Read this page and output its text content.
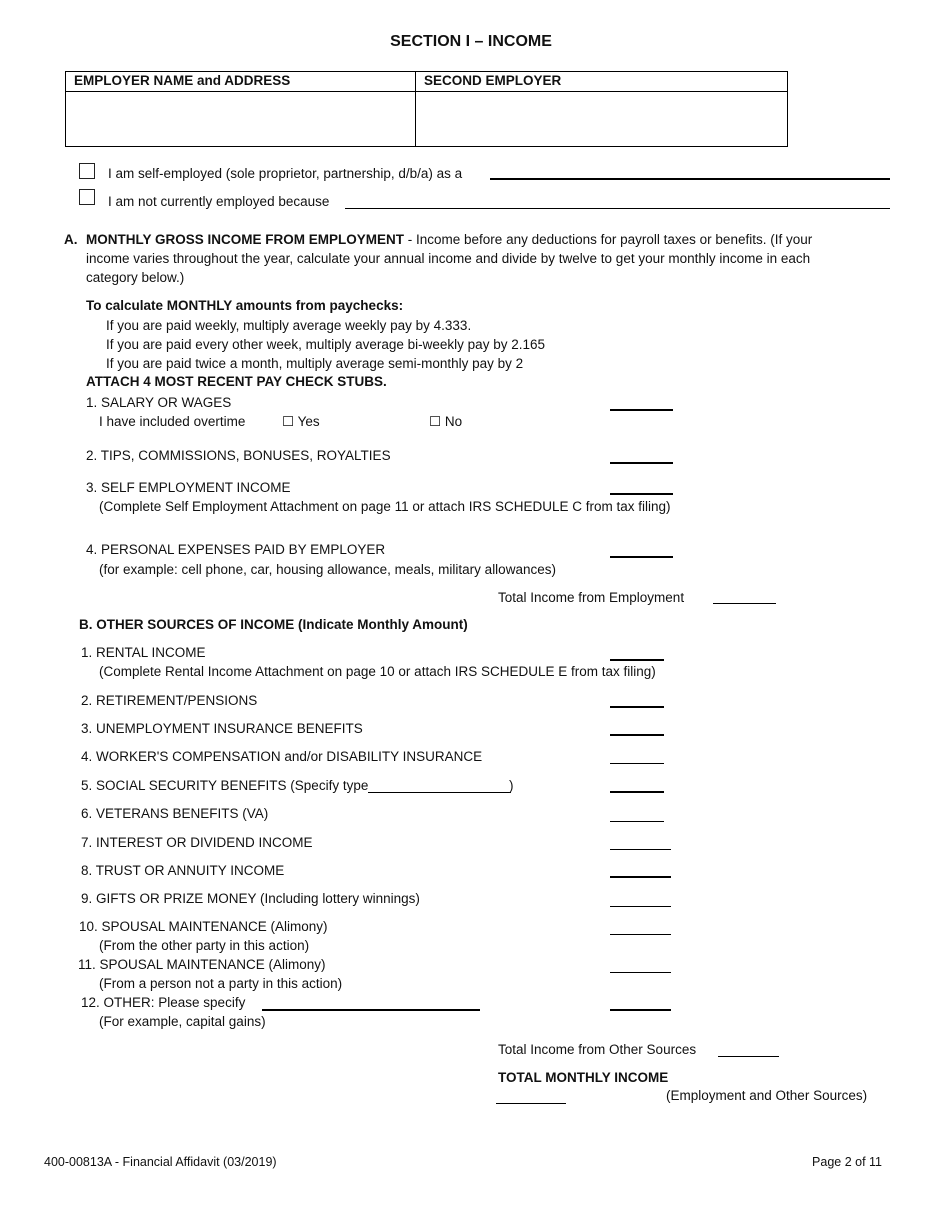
SECTION I – INCOME
EMPLOYER NAME and ADDRESS	SECOND EMPLOYER

I am self-employed (sole proprietor, partnership, d/b/a) as a
I am not currently employed because
A. MONTHLY GROSS INCOME FROM EMPLOYMENT - Income before any deductions for payroll taxes or benefits. (If your
income varies throughout the year, calculate your annual income and divide by twelve to get your monthly income in each
category below.)
To calculate MONTHLY amounts from paychecks:
If you are paid weekly, multiply average weekly pay by 4.333.
If you are paid every other week, multiply average bi-weekly pay by 2.165
If you are paid twice a month, multiply average semi-monthly pay by 2
ATTACH 4 MOST RECENT PAY CHECK STUBS.
1. SALARY OR WAGES
I have included overtime	☐ Yes	☐ No
2. TIPS, COMMISSIONS, BONUSES, ROYALTIES
3. SELF EMPLOYMENT INCOME
(Complete Self Employment Attachment on page 11 or attach IRS SCHEDULE C from tax filing)
4. PERSONAL EXPENSES PAID BY EMPLOYER
(for example: cell phone, car, housing allowance, meals, military allowances)
Total Income from Employment
B. OTHER SOURCES OF INCOME (Indicate Monthly Amount)
1. RENTAL INCOME
(Complete Rental Income Attachment on page 10 or attach IRS SCHEDULE E from tax filing)
2. RETIREMENT/PENSIONS
3. UNEMPLOYMENT INSURANCE BENEFITS
4. WORKER'S COMPENSATION and/or DISABILITY INSURANCE
5. SOCIAL SECURITY BENEFITS (Specify type	)
6. VETERANS BENEFITS (VA)
7. INTEREST OR DIVIDEND INCOME
8. TRUST OR ANNUITY INCOME
9. GIFTS OR PRIZE MONEY (Including lottery winnings)
10. SPOUSAL MAINTENANCE (Alimony)
(From the other party in this action)
11. SPOUSAL MAINTENANCE (Alimony)
(From a person not a party in this action)
12. OTHER: Please specify
(For example, capital gains)
Total Income from Other Sources
TOTAL MONTHLY INCOME
(Employment and Other Sources)
400-00813A - Financial Affidavit (03/2019)	Page 2 of 11
